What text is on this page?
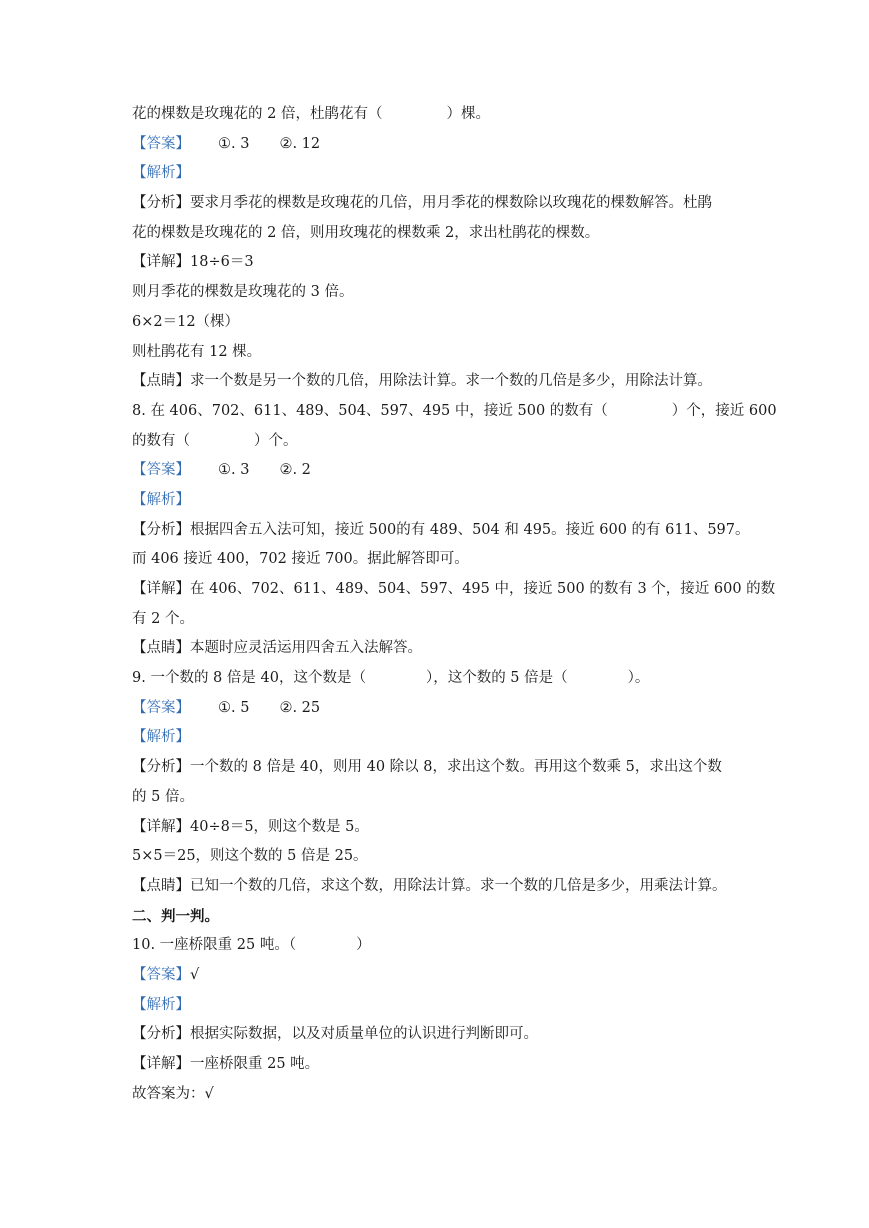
花的棵数是玫瑰花的 2 倍，杜鹃花有（	）棵。
【答案】 ①. 3 ②. 12
【解析】
【分析】要求月季花的棵数是玫瑰花的几倍，用月季花的棵数除以玫瑰花的棵数解答。杜鹃
花的棵数是玫瑰花的 2 倍，则用玫瑰花的棵数乘 2，求出杜鹃花的棵数。
【详解】18÷6＝3
则月季花的棵数是玫瑰花的 3 倍。
6×2＝12（棵）
则杜鹃花有 12 棵。
【点睛】求一个数是另一个数的几倍，用除法计算。求一个数的几倍是多少，用除法计算。
8. 在 406、702、611、489、504、597、495 中，接近 500 的数有（	）个，接近 600
的数有（	）个。
【答案】 ①. 3 ②. 2
【解析】
【分析】根据四舍五入法可知，接近 500的有 489、504 和 495。接近 600 的有 611、597。
而 406 接近 400，702 接近 700。据此解答即可。
【详解】在 406、702、611、489、504、597、495 中，接近 500 的数有 3 个，接近 600 的数
有 2 个。
【点睛】本题时应灵活运用四舍五入法解答。
9. 一个数的 8 倍是 40，这个数是（	），这个数的 5 倍是（	）。
【答案】 ①. 5 ②. 25
【解析】
【分析】一个数的 8 倍是 40，则用 40 除以 8，求出这个数。再用这个数乘 5，求出这个数
的 5 倍。
【详解】40÷8＝5，则这个数是 5。
5×5＝25，则这个数的 5 倍是 25。
【点睛】已知一个数的几倍，求这个数，用除法计算。求一个数的几倍是多少，用乘法计算。
二、判一判。
10. 一座桥限重 25 吨。（	）
【答案】√
【解析】
【分析】根据实际数据，以及对质量单位的认识进行判断即可。
【详解】一座桥限重 25 吨。
故答案为：√
